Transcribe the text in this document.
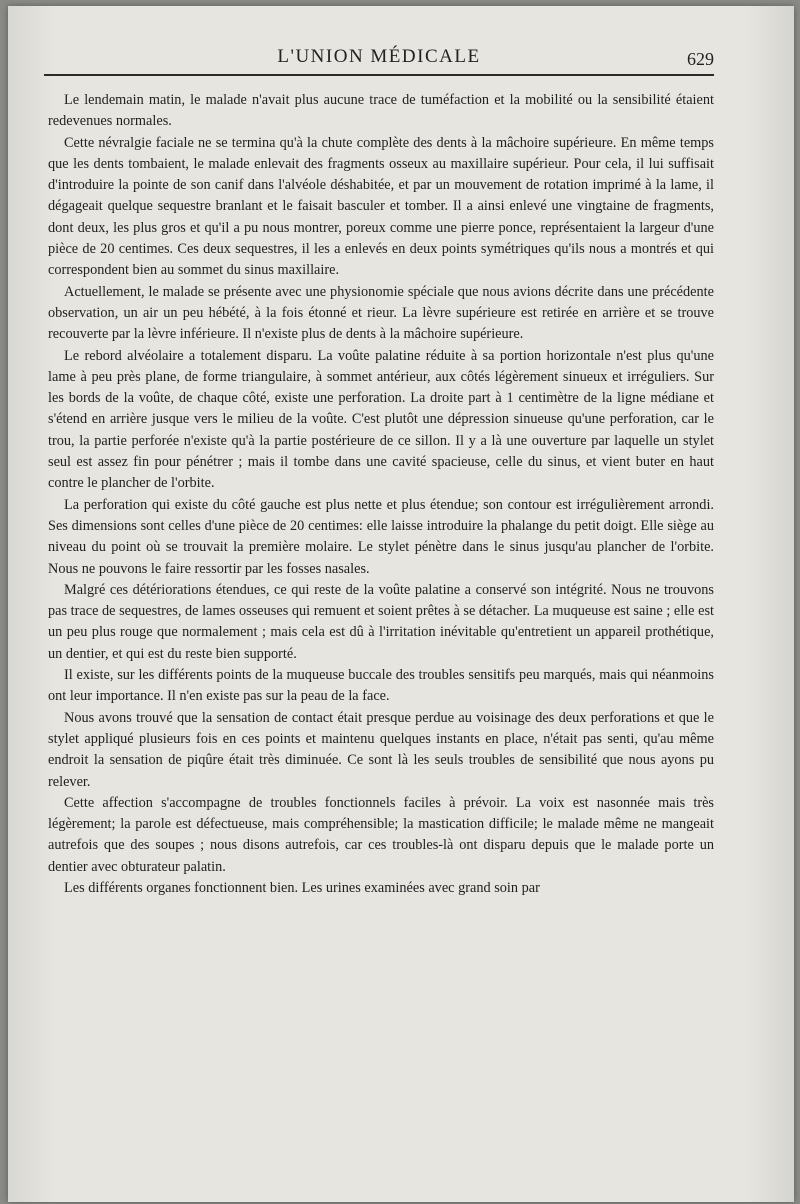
L'UNION MÉDICALE	629

Le lendemain matin, le malade n'avait plus aucune trace de tuméfaction et la mobilité ou la sensibilité étaient redevenues normales.

Cette névralgie faciale ne se termina qu'à la chute complète des dents à la mâchoire supérieure. En même temps que les dents tombaient, le malade enlevait des fragments osseux au maxillaire supérieur. Pour cela, il lui suffisait d'introduire la pointe de son canif dans l'alvéole déshabitée, et par un mouvement de rotation imprimé à la lame, il dégageait quelque sequestre branlant et le faisait basculer et tomber. Il a ainsi enlevé une vingtaine de fragments, dont deux, les plus gros et qu'il a pu nous montrer, poreux comme une pierre ponce, représentaient la largeur d'une pièce de 20 centimes. Ces deux sequestres, il les a enlevés en deux points symétriques qu'ils nous a montrés et qui correspondent bien au sommet du sinus maxillaire.

Actuellement, le malade se présente avec une physionomie spéciale que nous avions décrite dans une précédente observation, un air un peu hébété, à la fois étonné et rieur. La lèvre supérieure est retirée en arrière et se trouve recouverte par la lèvre inférieure. Il n'existe plus de dents à la mâchoire supérieure.

Le rebord alvéolaire a totalement disparu. La voûte palatine réduite à sa portion horizontale n'est plus qu'une lame à peu près plane, de forme triangulaire, à sommet antérieur, aux côtés légèrement sinueux et irréguliers. Sur les bords de la voûte, de chaque côté, existe une perforation. La droite part à 1 centimètre de la ligne médiane et s'étend en arrière jusque vers le milieu de la voûte. C'est plutôt une dépression sinueuse qu'une perforation, car le trou, la partie perforée n'existe qu'à la partie postérieure de ce sillon. Il y a là une ouverture par laquelle un stylet seul est assez fin pour pénétrer ; mais il tombe dans une cavité spacieuse, celle du sinus, et vient buter en haut contre le plancher de l'orbite.

La perforation qui existe du côté gauche est plus nette et plus étendue; son contour est irrégulièrement arrondi. Ses dimensions sont celles d'une pièce de 20 centimes: elle laisse introduire la phalange du petit doigt. Elle siège au niveau du point où se trouvait la première molaire. Le stylet pénètre dans le sinus jusqu'au plancher de l'orbite. Nous ne pouvons le faire ressortir par les fosses nasales.

Malgré ces détériorations étendues, ce qui reste de la voûte palatine a conservé son intégrité. Nous ne trouvons pas trace de sequestres, de lames osseuses qui remuent et soient prêtes à se détacher. La muqueuse est saine ; elle est un peu plus rouge que normalement ; mais cela est dû à l'irritation inévitable qu'entretient un appareil prothétique, un dentier, et qui est du reste bien supporté.

Il existe, sur les différents points de la muqueuse buccale des troubles sensitifs peu marqués, mais qui néanmoins ont leur importance. Il n'en existe pas sur la peau de la face.

Nous avons trouvé que la sensation de contact était presque perdue au voisinage des deux perforations et que le stylet appliqué plusieurs fois en ces points et maintenu quelques instants en place, n'était pas senti, qu'au même endroit la sensation de piqûre était très diminuée. Ce sont là les seuls troubles de sensibilité que nous ayons pu relever.

Cette affection s'accompagne de troubles fonctionnels faciles à prévoir. La voix est nasonnée mais très légèrement; la parole est défectueuse, mais compréhensible; la mastication difficile; le malade même ne mangeait autrefois que des soupes ; nous disons autrefois, car ces troubles-là ont disparu depuis que le malade porte un dentier avec obturateur palatin.

Les différents organes fonctionnent bien. Les urines examinées avec grand soin par
